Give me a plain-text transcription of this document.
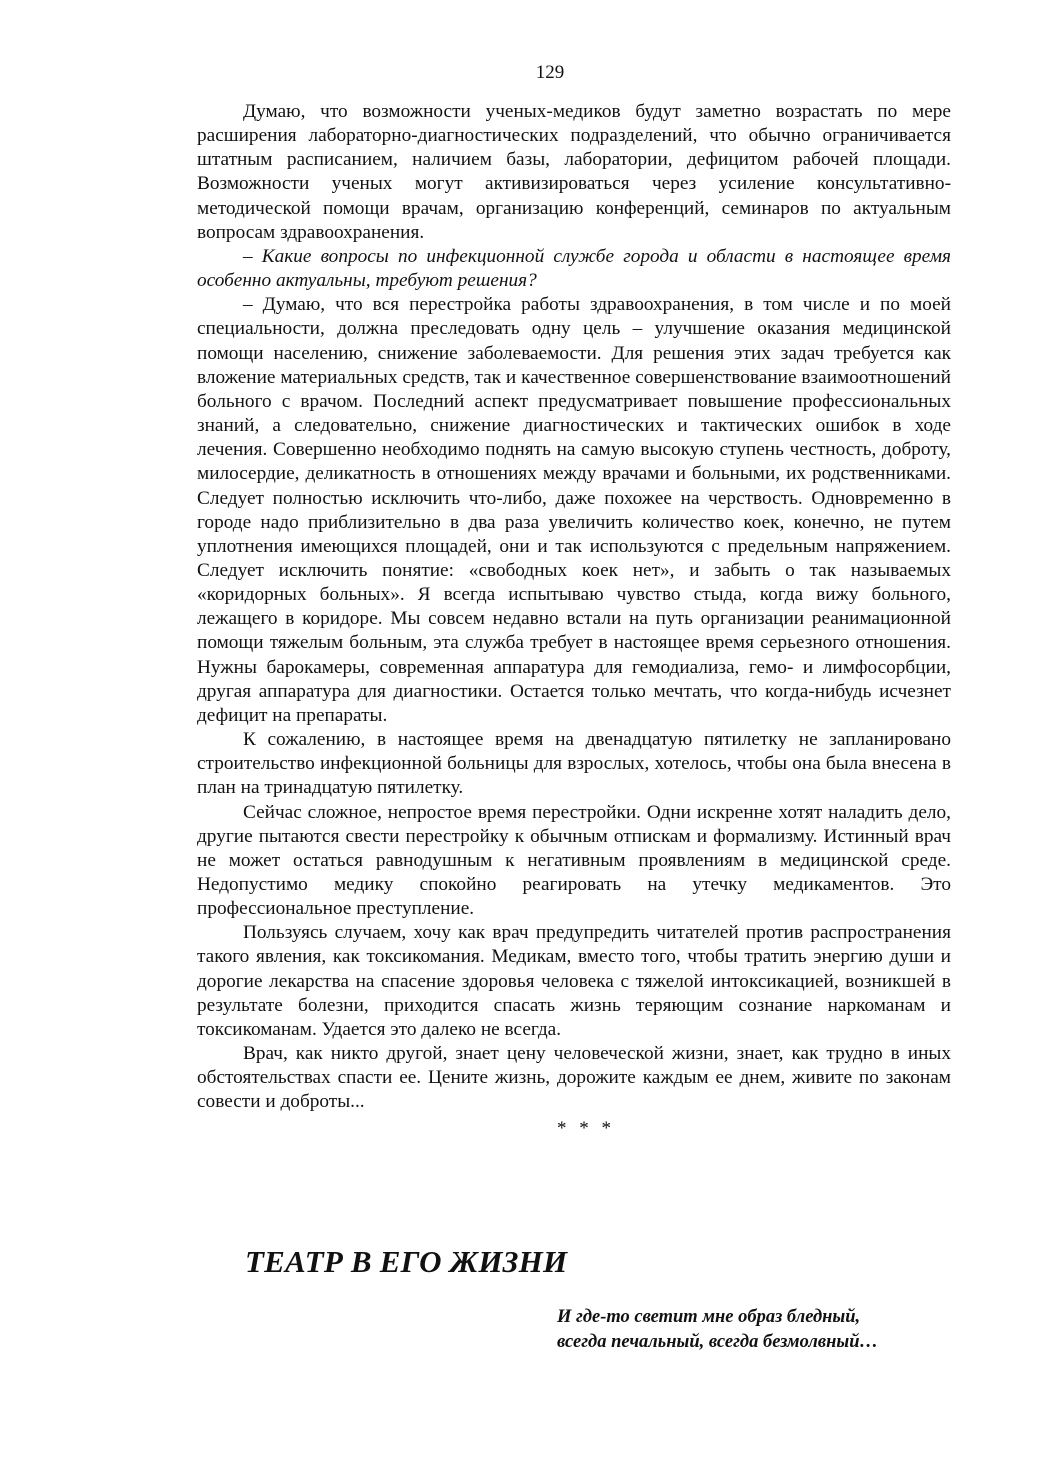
129

Думаю, что возможности ученых-медиков будут заметно возрастать по мере расширения лабораторно-диагностических подразделений, что обычно ограничивается штатным расписанием, наличием базы, лаборатории, дефицитом рабочей площади. Возможности ученых могут активизироваться через усиление консультативно-методической помощи врачам, организацию конференций, семинаров по актуальным вопросам здравоохранения.

– Какие вопросы по инфекционной службе города и области в настоящее время особенно актуальны, требуют решения?

– Думаю, что вся перестройка работы здравоохранения, в том числе и по моей специальности, должна преследовать одну цель – улучшение оказания медицинской помощи населению, снижение заболеваемости. Для решения этих задач требуется как вложение материальных средств, так и качественное совершенствование взаимоотношений больного с врачом. Последний аспект предусматривает повышение профессиональных знаний, а следовательно, снижение диагностических и тактических ошибок в ходе лечения. Совершенно необходимо поднять на самую высокую ступень честность, доброту, милосердие, деликатность в отношениях между врачами и больными, их родственниками. Следует полностью исключить что-либо, даже похожее на черствость. Одновременно в городе надо приблизительно в два раза увеличить количество коек, конечно, не путем уплотнения имеющихся площадей, они и так используются с предельным напряжением. Следует исключить понятие: «свободных коек нет», и забыть о так называемых «коридорных больных». Я всегда испытываю чувство стыда, когда вижу больного, лежащего в коридоре. Мы совсем недавно встали на путь организации реанимационной помощи тяжелым больным, эта служба требует в настоящее время серьезного отношения. Нужны барокамеры, современная аппаратура для гемодиализа, гемо- и лимфосорбции, другая аппаратура для диагностики. Остается только мечтать, что когда-нибудь исчезнет дефицит на препараты.

К сожалению, в настоящее время на двенадцатую пятилетку не запланировано строительство инфекционной больницы для взрослых, хотелось, чтобы она была внесена в план на тринадцатую пятилетку.

Сейчас сложное, непростое время перестройки. Одни искренне хотят наладить дело, другие пытаются свести перестройку к обычным отпискам и формализму. Истинный врач не может остаться равнодушным к негативным проявлениям в медицинской среде. Недопустимо медику спокойно реагировать на утечку медикаментов. Это профессиональное преступление.

Пользуясь случаем, хочу как врач предупредить читателей против распространения такого явления, как токсикомания. Медикам, вместо того, чтобы тратить энергию души и дорогие лекарства на спасение здоровья человека с тяжелой интоксикацией, возникшей в результате болезни, приходится спасать жизнь теряющим сознание наркоманам и токсикоманам. Удается это далеко не всегда.

Врач, как никто другой, знает цену человеческой жизни, знает, как трудно в иных обстоятельствах спасти ее. Цените жизнь, дорожите каждым ее днем, живите по законам совести и доброты...

* * *
ТЕАТР В ЕГО ЖИЗНИ
И где-то светит мне образ бледный,
всегда печальный, всегда безмолвный…
